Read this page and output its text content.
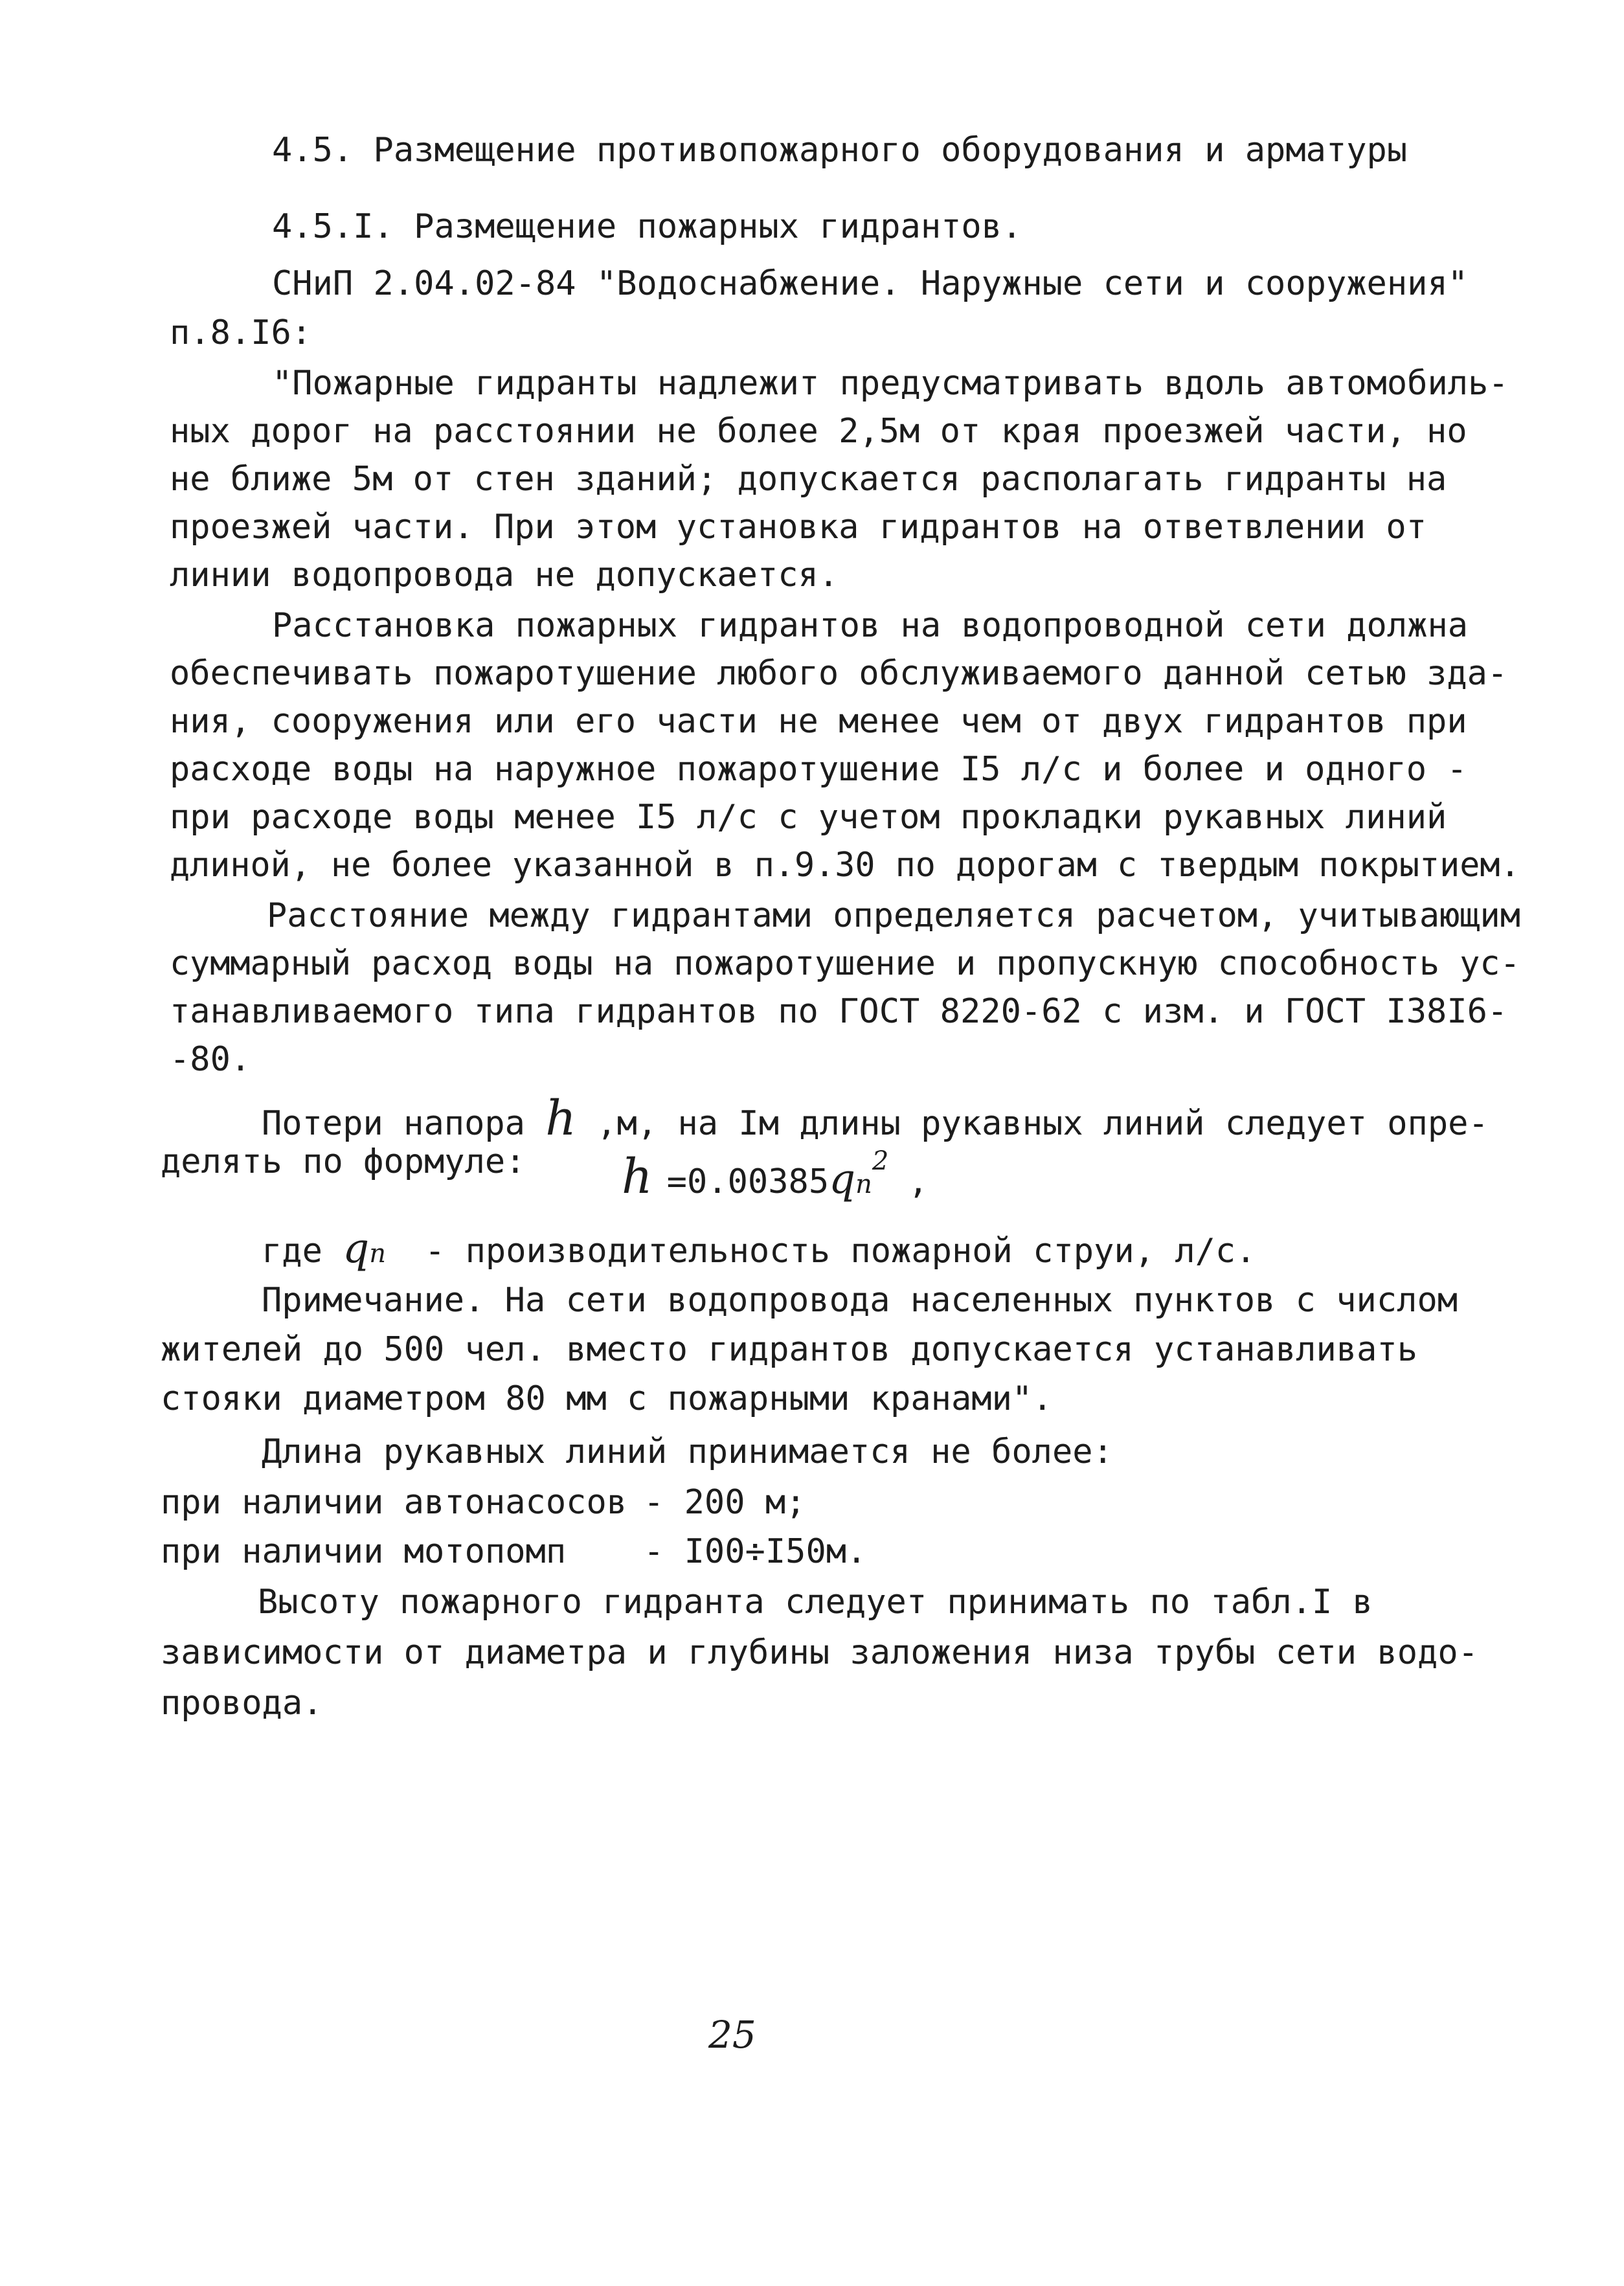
4.5. Размещение противопожарного оборудования и арматуры
4.5.I. Размещение пожарных гидрантов.
СНиП 2.04.02-84 "Водоснабжение. Наружные сети и сооружения"
п.8.I6:
"Пожарные гидранты надлежит предусматривать вдоль автомобиль-
ных дорог на расстоянии не более 2,5м от края проезжей части, но
не ближе 5м от стен зданий; допускается располагать гидранты на
проезжей части. При этом установка гидрантов на ответвлении от
линии водопровода не допускается.
Расстановка пожарных гидрантов на водопроводной сети должна
обеспечивать пожаротушение любого обслуживаемого данной сетью зда-
ния, сооружения или его части не менее чем от двух гидрантов при
расходе воды на наружное пожаротушение I5 л/с и более и одного -
при расходе воды менее I5 л/с с учетом прокладки рукавных линий
длиной, не более указанной в п.9.30 по дорогам с твердым покрытием.
Расстояние между гидрантами определяется расчетом, учитывающим
суммарный расход воды на пожаротушение и пропускную способность ус-
танавливаемого типа гидрантов по ГОСТ 8220-62 с изм. и ГОСТ I38I6-
-80.
Потери напора h ,м, на Iм длины рукавных линий следует опре-
делять по формуле: $h =0.00385qn^2$,
где qn - производительность пожарной струи, л/с.
Примечание. На сети водопровода населенных пунктов с числом
жителей до 500 чел. вместо гидрантов допускается устанавливать
стояки диаметром 80 мм с пожарными кранами".
Длина рукавных линий принимается не более:
при наличии автонасосов - 200 м;
при наличии мотопомп - I00÷I50м.
Высоту пожарного гидранта следует принимать по табл.I в
зависимости от диаметра и глубины заложения низа трубы сети водо-
провода.
25
